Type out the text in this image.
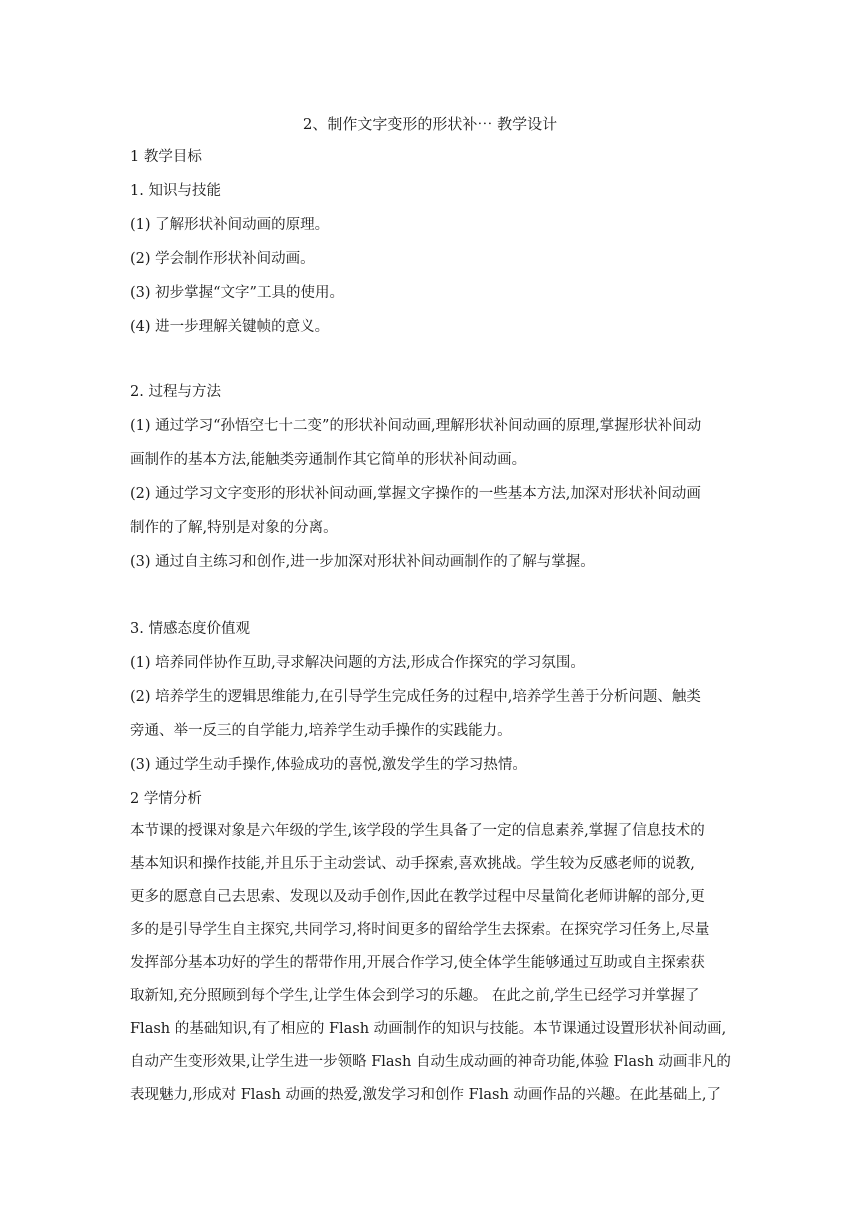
2、制作文字变形的形状补⋯ 教学设计
1 教学目标
1. 知识与技能
(1) 了解形状补间动画的原理。
(2) 学会制作形状补间动画。
(3) 初步掌握“文字”工具的使用。
(4) 进一步理解关键帧的意义。
2. 过程与方法
(1) 通过学习“孙悟空七十二变”的形状补间动画,理解形状补间动画的原理,掌握形状补间动
画制作的基本方法,能触类旁通制作其它简单的形状补间动画。
(2) 通过学习文字变形的形状补间动画,掌握文字操作的一些基本方法,加深对形状补间动画
制作的了解,特别是对象的分离。
(3) 通过自主练习和创作,进一步加深对形状补间动画制作的了解与掌握。
3. 情感态度价值观
(1) 培养同伴协作互助,寻求解决问题的方法,形成合作探究的学习氛围。
(2) 培养学生的逻辑思维能力,在引导学生完成任务的过程中,培养学生善于分析问题、触类
旁通、举一反三的自学能力,培养学生动手操作的实践能力。
(3) 通过学生动手操作,体验成功的喜悦,激发学生的学习热情。
2 学情分析
本节课的授课对象是六年级的学生,该学段的学生具备了一定的信息素养,掌握了信息技术的
基本知识和操作技能,并且乐于主动尝试、动手探索,喜欢挑战。学生较为反感老师的说教,
更多的愿意自己去思索、发现以及动手创作,因此在教学过程中尽量简化老师讲解的部分,更
多的是引导学生自主探究,共同学习,将时间更多的留给学生去探索。在探究学习任务上,尽量
发挥部分基本功好的学生的帮带作用,开展合作学习,使全体学生能够通过互助或自主探索获
取新知,充分照顾到每个学生,让学生体会到学习的乐趣。 在此之前,学生已经学习并掌握了
Flash 的基础知识,有了相应的 Flash 动画制作的知识与技能。本节课通过设置形状补间动画,
自动产生变形效果,让学生进一步领略 Flash 自动生成动画的神奇功能,体验 Flash 动画非凡的
表现魅力,形成对 Flash 动画的热爱,激发学习和创作 Flash 动画作品的兴趣。在此基础上,了
